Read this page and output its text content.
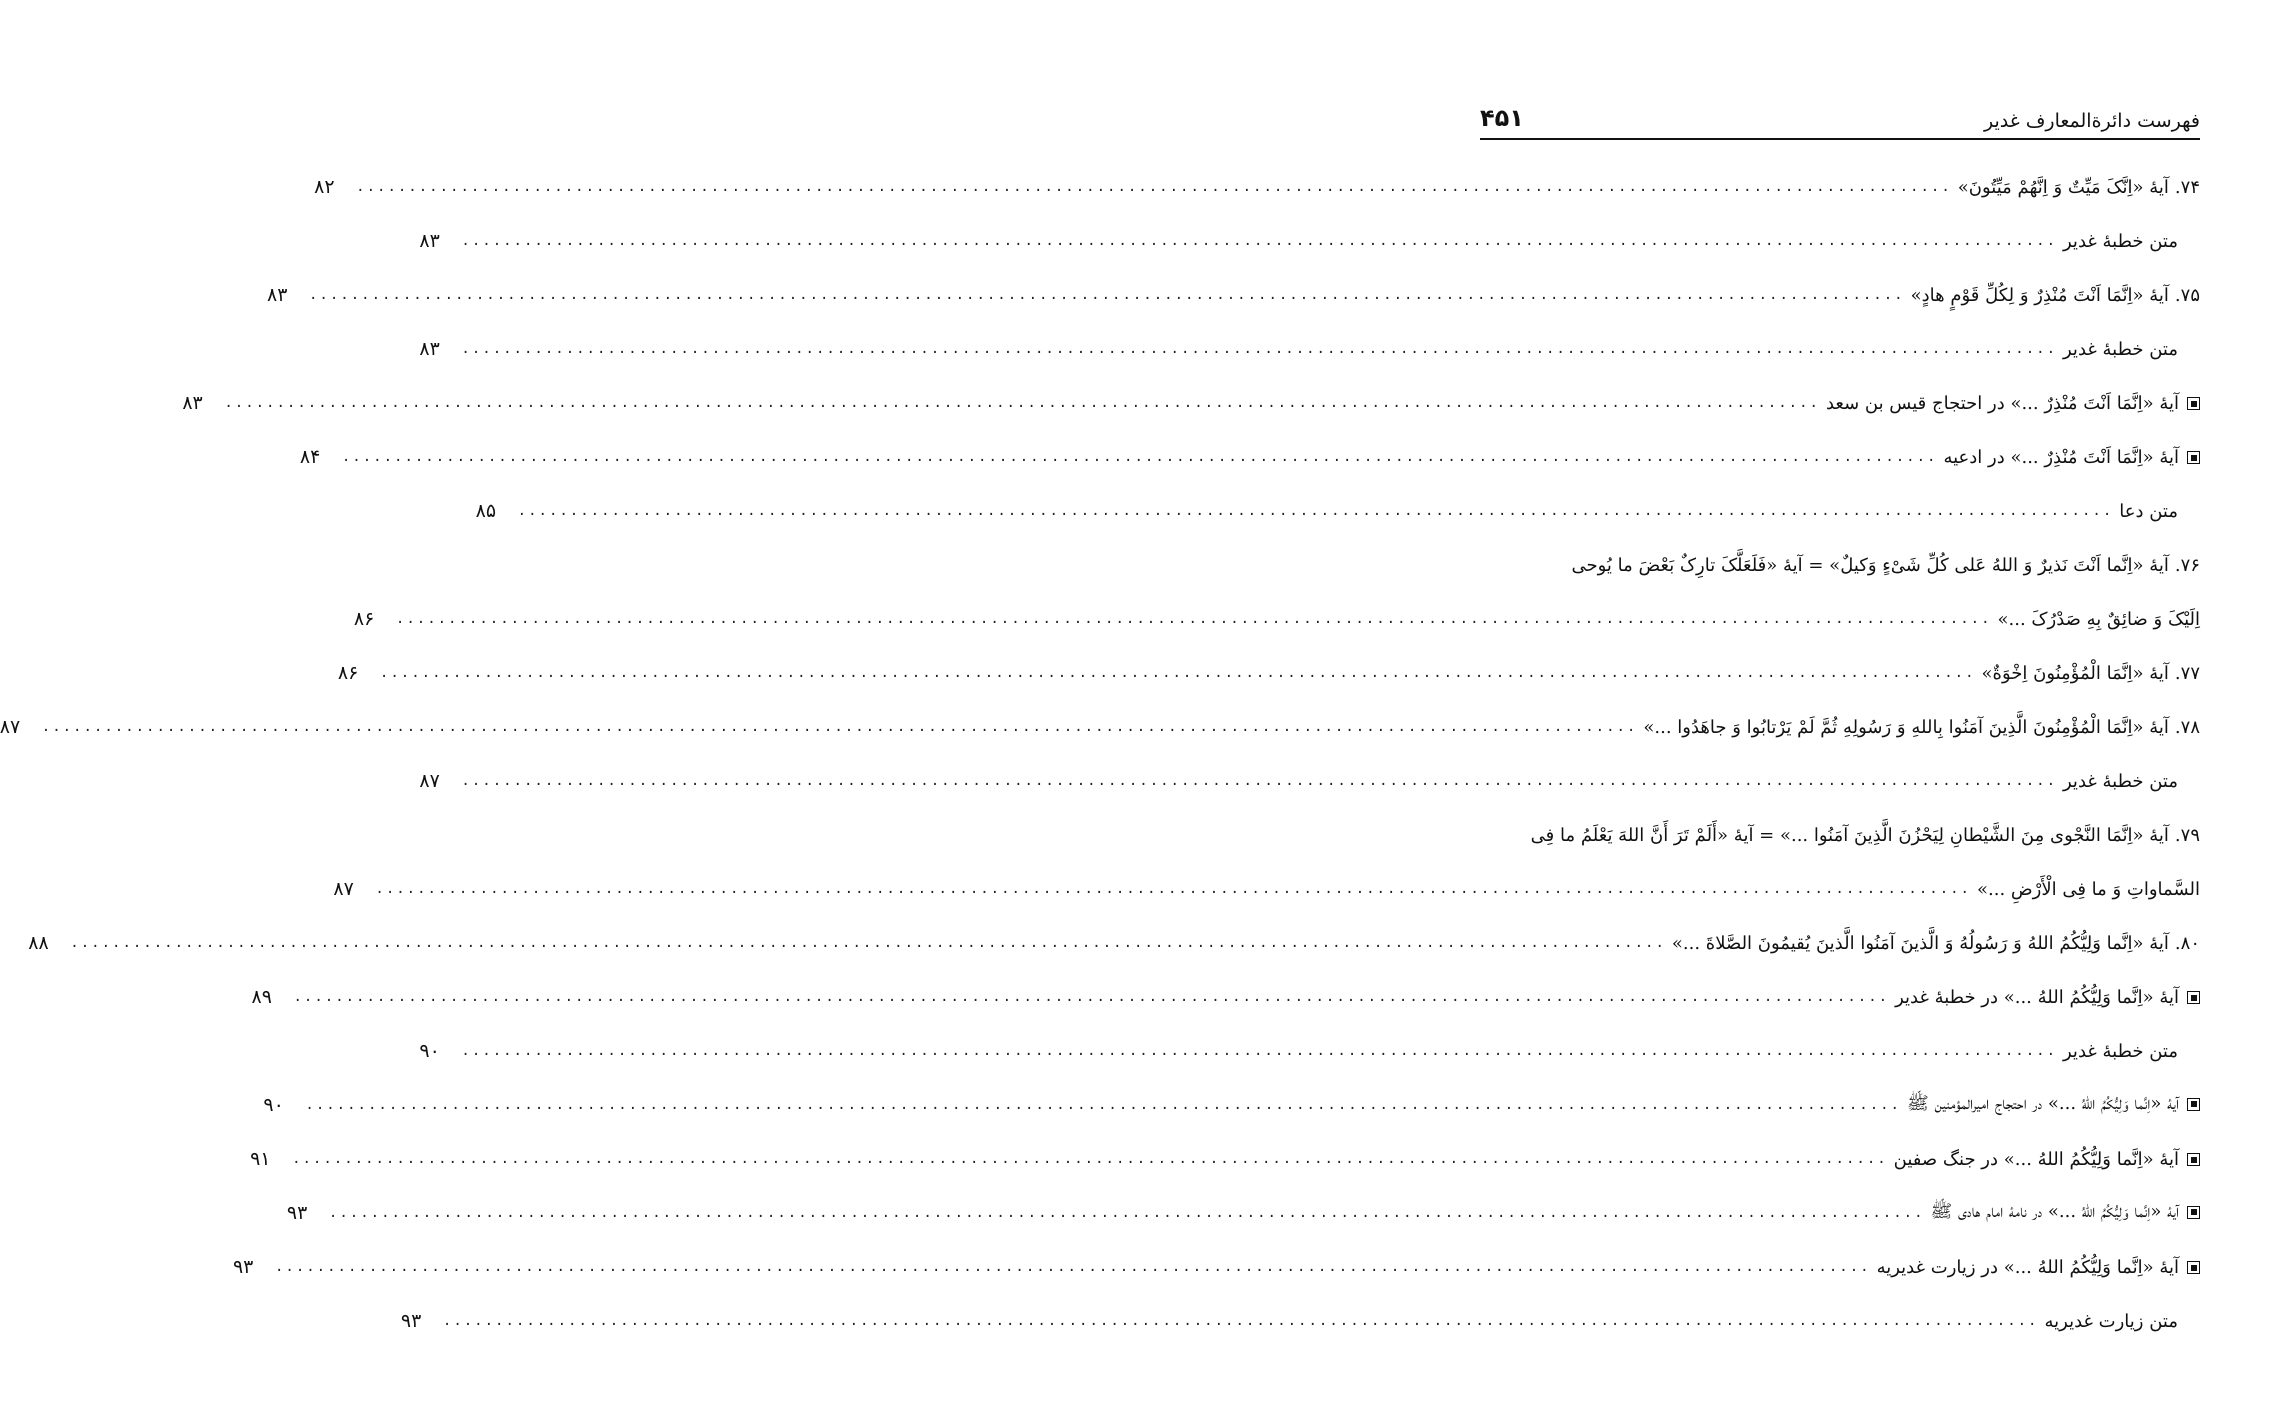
فهرست دائرةالمعارف غدير
۴۵۱
۷۴.آیهٔ «اِنَّکَ مَیِّتٌ وَ اِنَّهُمْ مَیِّتُونَ»
.....
۸۲
متن خطبهٔ غدیر
.....
۸۳
۷۵.آیهٔ «اِنَّمَا اَنْتَ مُنْذِرٌ وَ لِکُلِّ قَوْمٍ هادٍ»
.....
۸۳
متن خطبهٔ غدیر
.....
۸۳
آیهٔ «اِنَّمَا اَنْتَ مُنْذِرٌ ...» در احتجاج قیس بن سعد
.....
۸۳
آیهٔ «اِنَّمَا اَنْتَ مُنْذِرٌ ...» در ادعیه
.....
۸۴
متن دعا
.....
۸۵
۷۶.آیهٔ «اِنَّما اَنْتَ نَذیرٌ وَ اللهُ عَلی کُلِّ شَیْءٍ وَکیلٌ» = آیهٔ «فَلَعَلَّکَ تارِکٌ بَعْضَ ما یُوحی
اِلَیْکَ وَ ضائِقٌ بِهِ صَدْرُکَ ...»
.....
۸۶
۷۷.آیهٔ «اِنَّمَا الْمُؤْمِنُونَ اِخْوَةٌ»
.....
۸۶
۷۸.آیهٔ «اِنَّمَا الْمُؤْمِنُونَ الَّذِینَ آمَنُوا بِاللهِ وَ رَسُولِهِ ثُمَّ لَمْ یَرْتابُوا وَ جاهَدُوا ...»
.....
۸۷
متن خطبهٔ غدیر
.....
۸۷
۷۹.آیهٔ «اِنَّمَا النَّجْوی مِنَ الشَّیْطانِ لِیَحْزُنَ الَّذِینَ آمَنُوا ...» = آیهٔ «أَلَمْ تَرَ أَنَّ اللهَ یَعْلَمُ ما فِی
السَّماواتِ وَ ما فِی الْأَرْضِ ...»
.....
۸۷
۸۰.آیهٔ «اِنَّما وَلِیُّکُمُ اللهُ وَ رَسُولُهُ وَ الَّذینَ آمَنُوا الَّذینَ یُقیمُونَ الصَّلاةَ ...»
.....
۸۸
آیهٔ «اِنَّما وَلِیُّکُمُ اللهُ ...» در خطبهٔ غدیر
.....
۸۹
متن خطبهٔ غدیر
.....
۹۰
آیهٔ «اِنَّما وَلِیُّکُمُ اللهُ ...» در احتجاج امیرالمؤمنین ﷺ
.....
۹۰
آیهٔ «اِنَّما وَلِیُّکُمُ اللهُ ...» در جنگ صفین
.....
۹۱
آیهٔ «اِنَّما وَلِیُّکُمُ اللهُ ...» در نامهٔ امام هادی ﷺ
.....
۹۳
آیهٔ «اِنَّما وَلِیُّکُمُ اللهُ ...» در زیارت غدیریه
.....
۹۳
متن زیارت غدیریه
.....
۹۳
